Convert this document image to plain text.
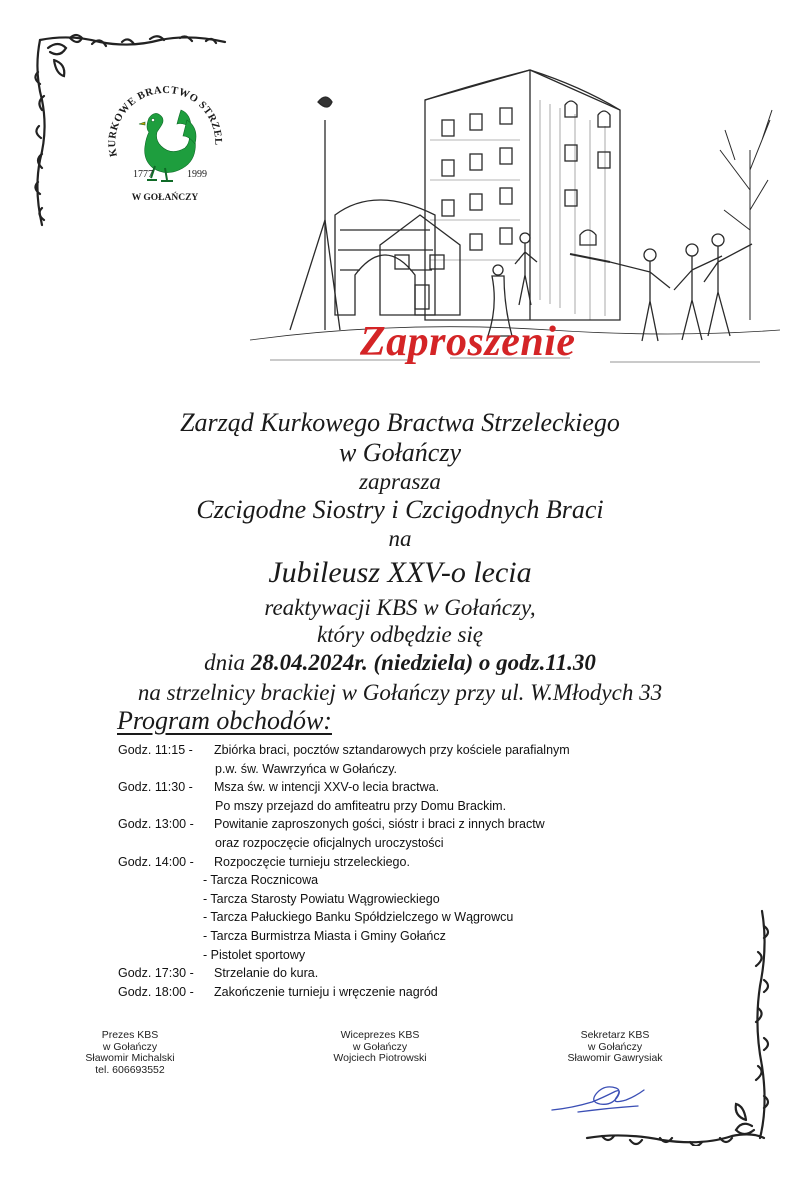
KURKOWE BRACTWO STRZEL
1777	1999
W GOŁAŃCZY
Zaproszenie
Zarząd Kurkowego Bractwa Strzeleckiego
w Gołańczy
zaprasza
Czcigodne Siostry i Czcigodnych Braci
na
Jubileusz XXV-o lecia
reaktywacji KBS w Gołańczy,
który odbędzie się
dnia 28.04.2024r. (niedziela) o godz.11.30
na strzelnicy brackiej w Gołańczy przy ul. W.Młodych 33
Program obchodów:
Godz. 11:15 - Zbiórka braci, pocztów sztandarowych przy kościele parafialnym
p.w. św. Wawrzyńca w Gołańczy.
Godz. 11:30 - Msza św. w intencji XXV-o lecia bractwa.
Po mszy przejazd do amfiteatru przy Domu Brackim.
Godz. 13:00 - Powitanie zaproszonych gości, sióstr i braci z innych bractw
oraz rozpoczęcie oficjalnych uroczystości
Godz. 14:00 - Rozpoczęcie turnieju strzeleckiego.
- Tarcza Rocznicowa
- Tarcza Starosty Powiatu Wągrowieckiego
- Tarcza Pałuckiego Banku Spółdzielczego w Wągrowcu
- Tarcza Burmistrza Miasta i Gminy Gołańcz
- Pistolet sportowy
Godz. 17:30 - Strzelanie do kura.
Godz. 18:00 - Zakończenie turnieju i wręczenie nagród
Prezes KBS
w Gołańczy
Sławomir Michalski
tel. 606693552
Wiceprezes KBS
w Gołańczy
Wojciech Piotrowski
Sekretarz KBS
w Gołańczy
Sławomir Gawrysiak
